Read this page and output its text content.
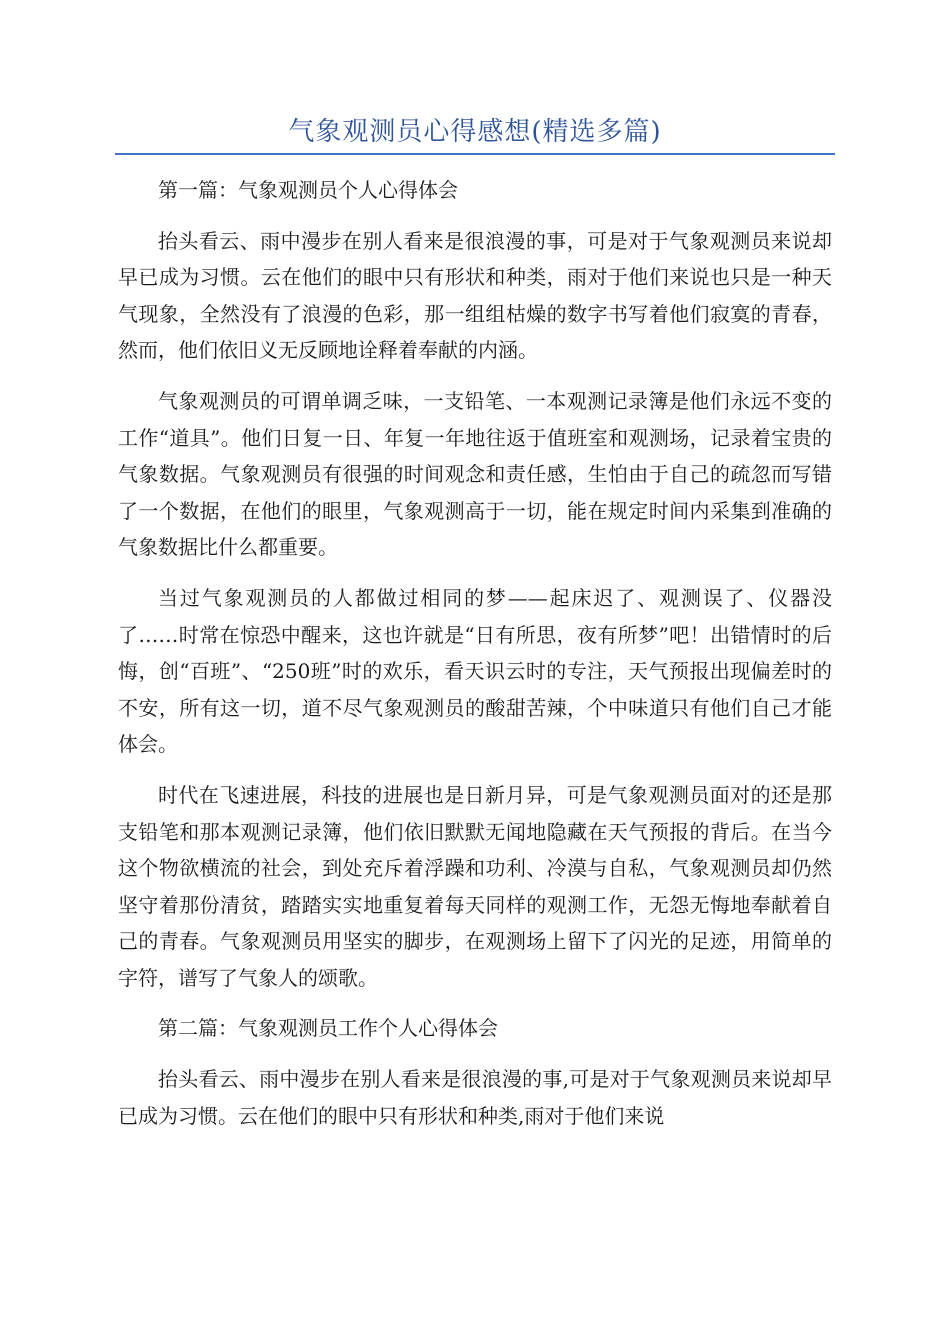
气象观测员心得感想(精选多篇)

第一篇：气象观测员个人心得体会

抬头看云、雨中漫步在别人看来是很浪漫的事，可是对于气象观测员来说却早已成为习惯。云在他们的眼中只有形状和种类，雨对于他们来说也只是一种天气现象，全然没有了浪漫的色彩，那一组组枯燥的数字书写着他们寂寞的青春，然而，他们依旧义无反顾地诠释着奉献的内涵。

气象观测员的可谓单调乏味，一支铅笔、一本观测记录簿是他们永远不变的工作“道具”。他们日复一日、年复一年地往返于值班室和观测场，记录着宝贵的气象数据。气象观测员有很强的时间观念和责任感，生怕由于自己的疏忽而写错了一个数据，在他们的眼里，气象观测高于一切，能在规定时间内采集到准确的气象数据比什么都重要。

当过气象观测员的人都做过相同的梦——起床迟了、观测误了、仪器没了……时常在惊恐中醒来，这也许就是“日有所思，夜有所梦”吧！出错情时的后悔，创“百班”、“250班”时的欢乐，看天识云时的专注，天气预报出现偏差时的不安，所有这一切，道不尽气象观测员的酸甜苦辣，个中味道只有他们自己才能体会。

时代在飞速进展，科技的进展也是日新月异，可是气象观测员面对的还是那支铅笔和那本观测记录簿，他们依旧默默无闻地隐藏在天气预报的背后。在当今这个物欲横流的社会，到处充斥着浮躁和功利、冷漠与自私，气象观测员却仍然坚守着那份清贫，踏踏实实地重复着每天同样的观测工作，无怨无悔地奉献着自己的青春。气象观测员用坚实的脚步，在观测场上留下了闪光的足迹，用简单的字符，谱写了气象人的颂歌。

第二篇：气象观测员工作个人心得体会

抬头看云、雨中漫步在别人看来是很浪漫的事,可是对于气象观测员来说却早已成为习惯。云在他们的眼中只有形状和种类,雨对于他们来说
